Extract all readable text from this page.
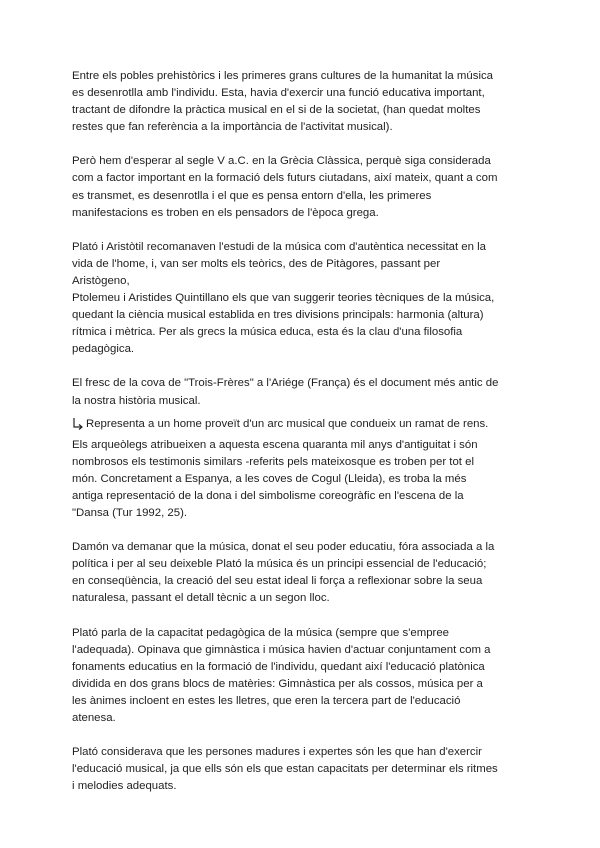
Entre els pobles prehistòrics i les primeres grans cultures de la humanitat la música
es desenrotlla amb l'individu. Esta, havia d'exercir una funció educativa important,
tractant de difondre la pràctica musical en el si de la societat, (han quedat moltes
restes que fan referència a la importància de l'activitat musical).

Però hem d'esperar al segle V a.C. en la Grècia Clàssica, perquè siga considerada
com a factor important en la formació dels futurs ciutadans, així mateix, quant a com
es transmet, es desenrotlla i el que es pensa entorn d'ella, les primeres
manifestacions es troben en els pensadors de l'època grega.

Plató i Aristòtil recomanaven l'estudi de la música com d'autèntica necessitat en la
vida de l'home, i, van ser molts els teòrics, des de Pitàgores, passant per
Aristògeno,
Ptolemeu i Aristides Quintillano els que van suggerir teories tècniques de la música,
quedant la ciència musical establida en tres divisions principals: harmonia (altura)
rítmica i mètrica. Per als grecs la música educa, esta és la clau d'una filosofia
pedagògica.

El fresc de la cova de "Trois-Frères" a l'Ariége (França) és el document més antic de
la nostra història musical.

Representa a un home proveït d'un arc musical que condueix un ramat de rens.

Els arqueòlegs atribueixen a aquesta escena quaranta mil anys d'antiguitat i són
nombrosos els testimonis similars -referits pels mateixosque es troben per tot el
món. Concretament a Espanya, a les coves de Cogul (Lleida), es troba la més
antiga representació de la dona i del simbolisme coreogràfic en l'escena de la
"Dansa (Tur 1992, 25).

Damón va demanar que la música, donat el seu poder educatiu, fóra associada a la
política i per al seu deixeble Plató la música és un principi essencial de l'educació;
en conseqüència, la creació del seu estat ideal li força a reflexionar sobre la seua
naturalesa, passant el detall tècnic a un segon lloc.

Plató parla de la capacitat pedagògica de la música (sempre que s'empree
l'adequada). Opinava que gimnàstica i música havien d'actuar conjuntament com a
fonaments educatius en la formació de l'individu, quedant així l'educació platònica
dividida en dos grans blocs de matèries: Gimnàstica per als cossos, música per a
les ànimes incloent en estes les lletres, que eren la tercera part de l'educació
atenesa.

Plató considerava que les persones madures i expertes són les que han d'exercir
l'educació musical, ja que ells són els que estan capacitats per determinar els ritmes
i melodies adequats.
